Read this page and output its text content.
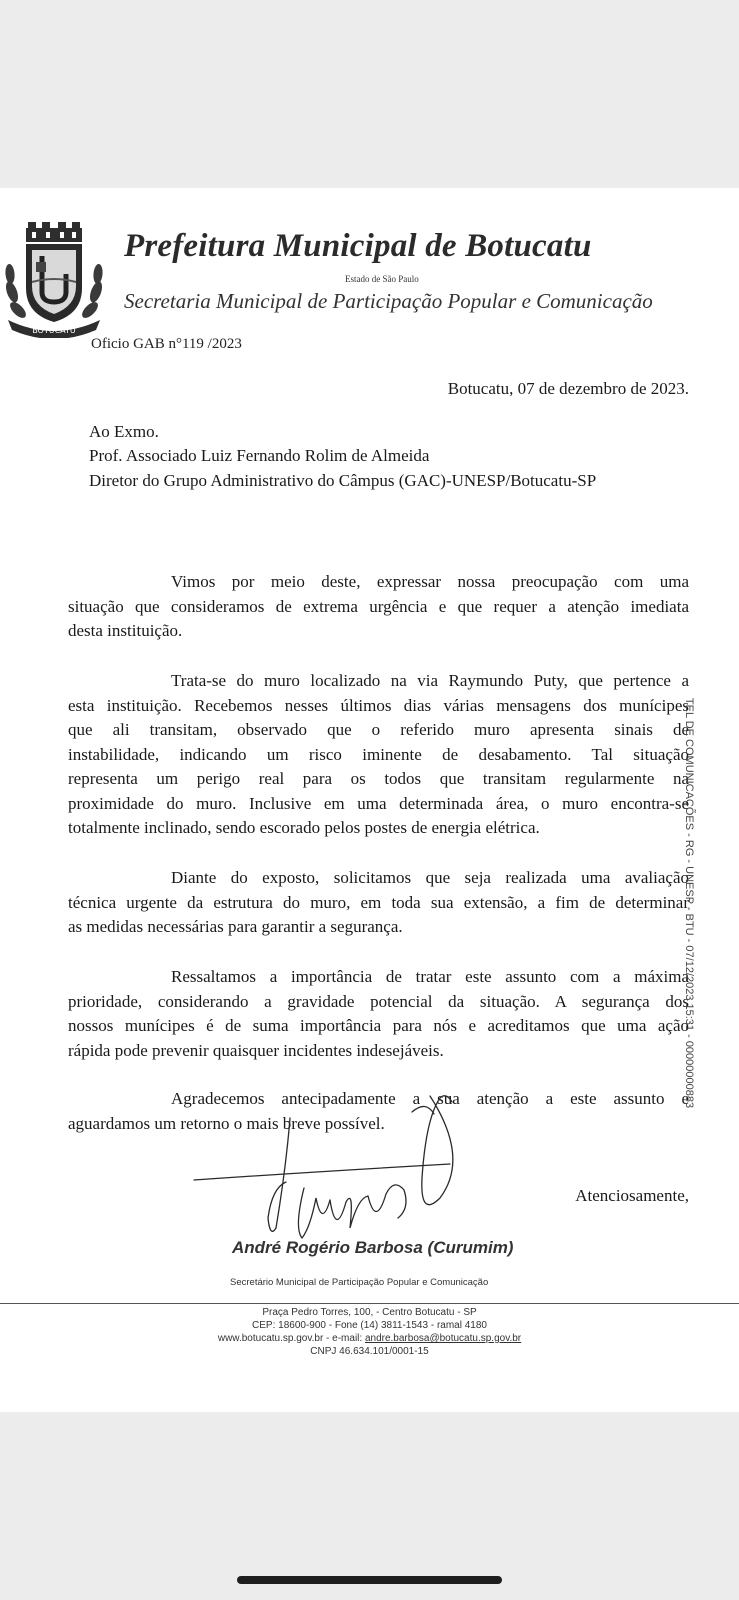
BOTUCATU
Prefeitura Municipal de Botucatu
Estado de São Paulo
Secretaria Municipal de Participação Popular e Comunicação
Oficio GAB n°119 /2023
Botucatu, 07 de dezembro de 2023.
Ao Exmo.
Prof. Associado Luiz Fernando Rolim de Almeida
Diretor do Grupo Administrativo do Câmpus (GAC)-UNESP/Botucatu-SP
Vimos por meio deste, expressar nossa preocupação com uma
situação que consideramos de extrema urgência e que requer a atenção imediata
desta instituição.
Trata-se do muro localizado na via Raymundo Puty, que pertence a
esta instituição. Recebemos nesses últimos dias várias mensagens dos munícipes
que ali transitam, observado que o referido muro apresenta sinais de
instabilidade, indicando um risco iminente de desabamento. Tal situação
representa um perigo real para os todos que transitam regularmente na
proximidade do muro. Inclusive em uma determinada área, o muro encontra-se
totalmente inclinado, sendo escorado pelos postes de energia elétrica.
Diante do exposto, solicitamos que seja realizada uma avaliação
técnica urgente da estrutura do muro, em toda sua extensão, a fim de determinar
as medidas necessárias para garantir a segurança.
Ressaltamos a importância de tratar este assunto com a máxima
prioridade, considerando a gravidade potencial da situação. A segurança dos
nossos munícipes é de suma importância para nós e acreditamos que uma ação
rápida pode prevenir quaisquer incidentes indesejáveis.
Agradecemos antecipadamente a sua atenção a este assunto e
aguardamos um retorno o mais breve possível.
Atenciosamente,
André Rogério Barbosa (Curumim)
Secretário Municipal de Participação Popular e Comunicação
Praça Pedro Torres, 100, - Centro Botucatu - SP
CEP: 18600-900 - Fone (14) 3811-1543 - ramal 4180
www.botucatu.sp.gov.br - e-mail: andre.barbosa@botucatu.sp.gov.br
CNPJ 46.634.101/0001-15
TEL DE COMUNICAÇÕES - RG - UNESP - BTU - 07/12/2023 15:31 - 00000000883
